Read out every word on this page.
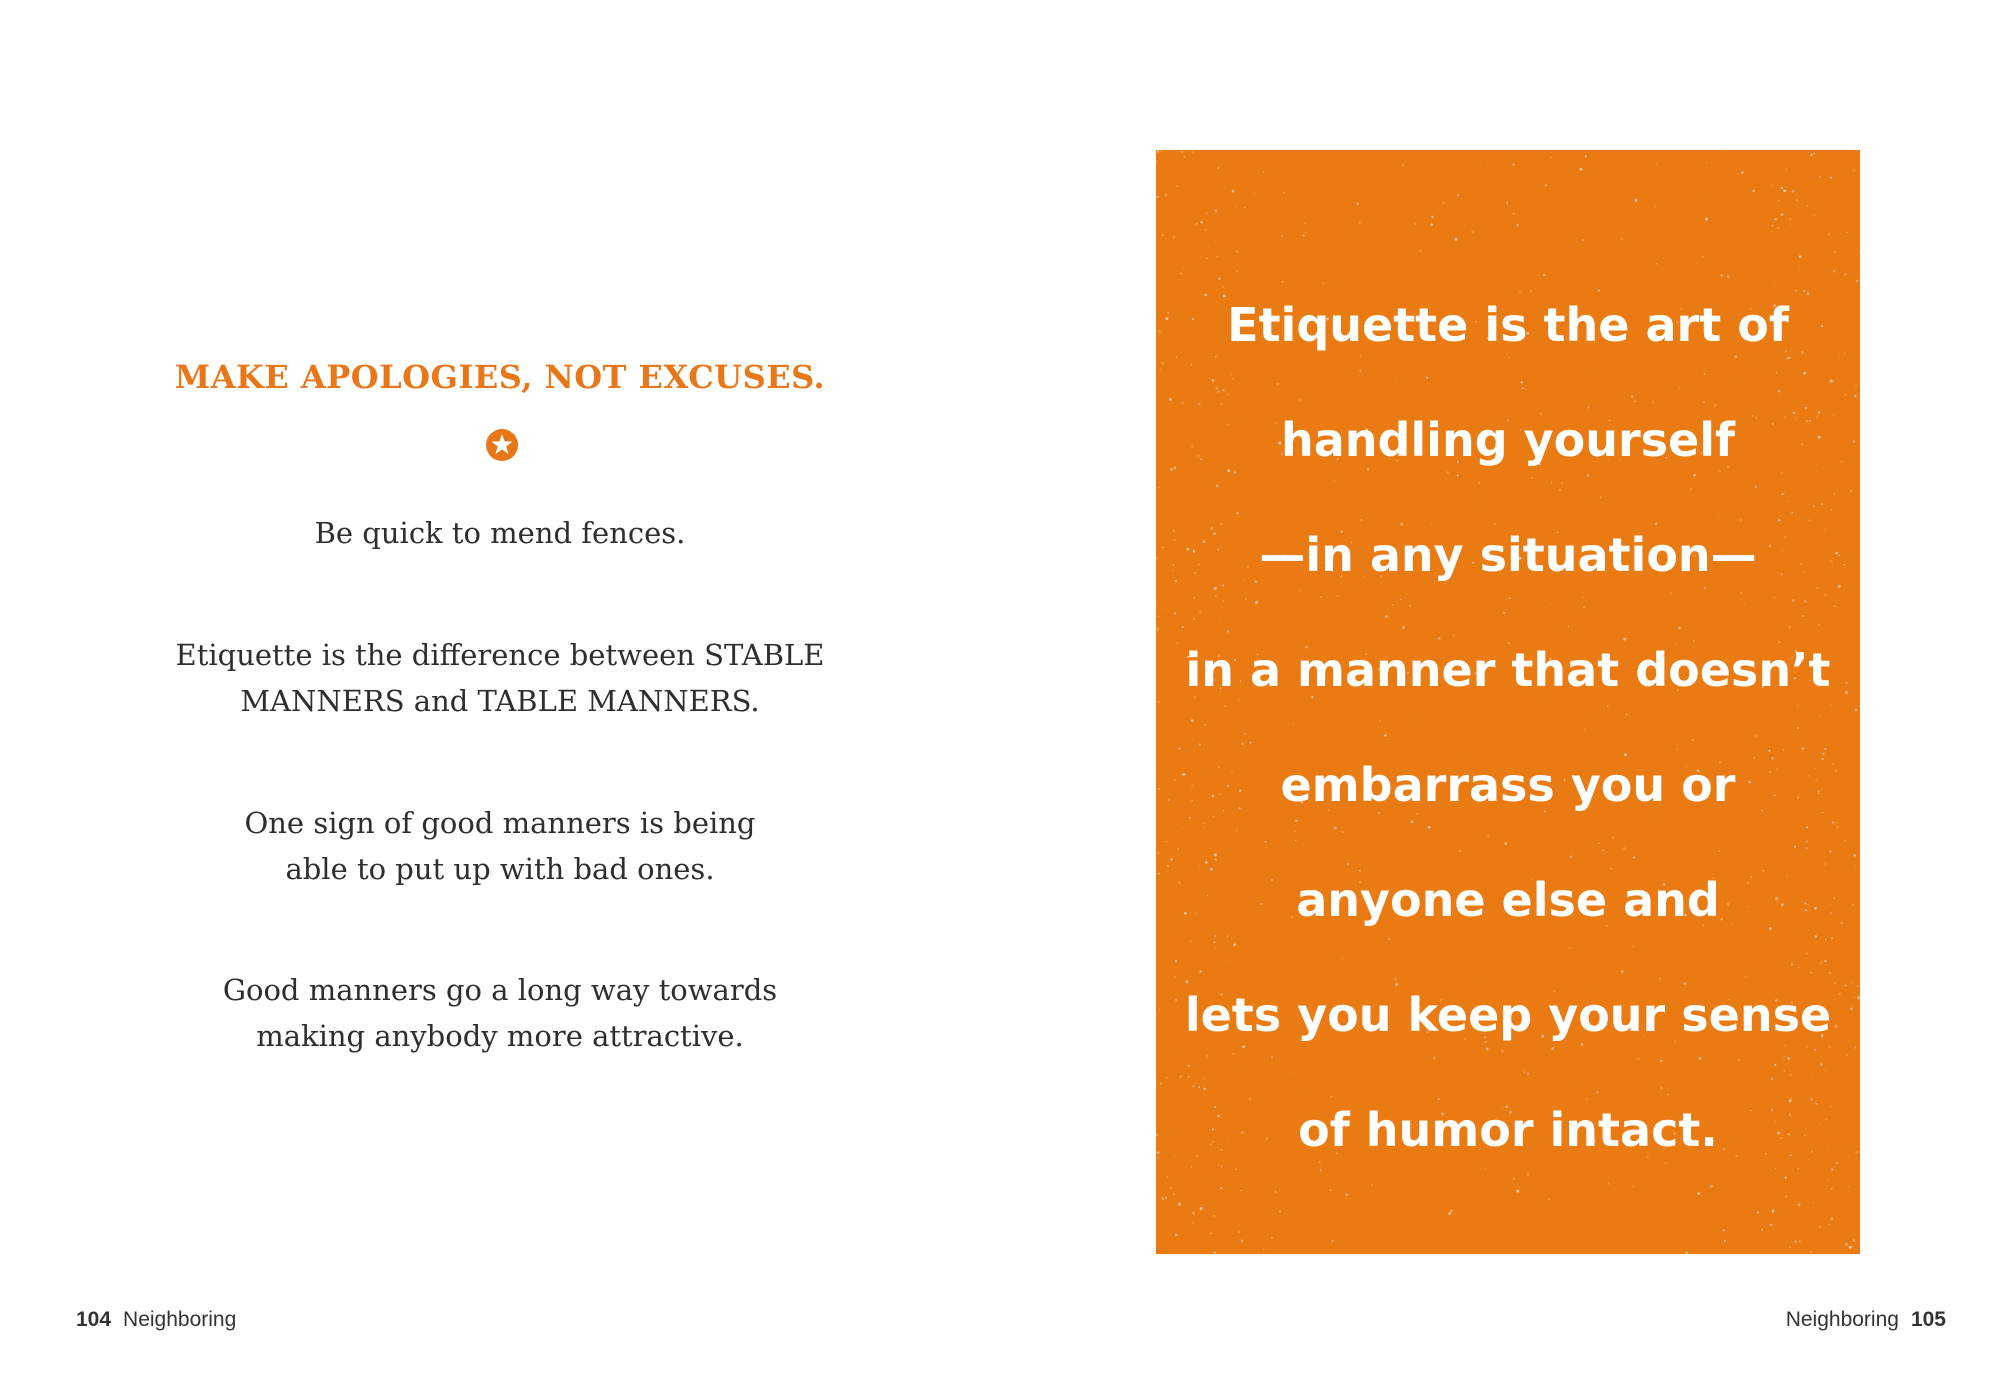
MAKE APOLOGIES, NOT EXCUSES.
Be quick to mend fences.
Etiquette is the difference between STABLE
MANNERS and TABLE MANNERS.
One sign of good manners is being
able to put up with bad ones.
Good manners go a long way towards
making anybody more attractive.
Etiquette is the art of
handling yourself
—in any situation—
in a manner that doesn’t
embarrass you or
anyone else and
lets you keep your sense
of humor intact.
104 Neighboring	Neighboring 105
